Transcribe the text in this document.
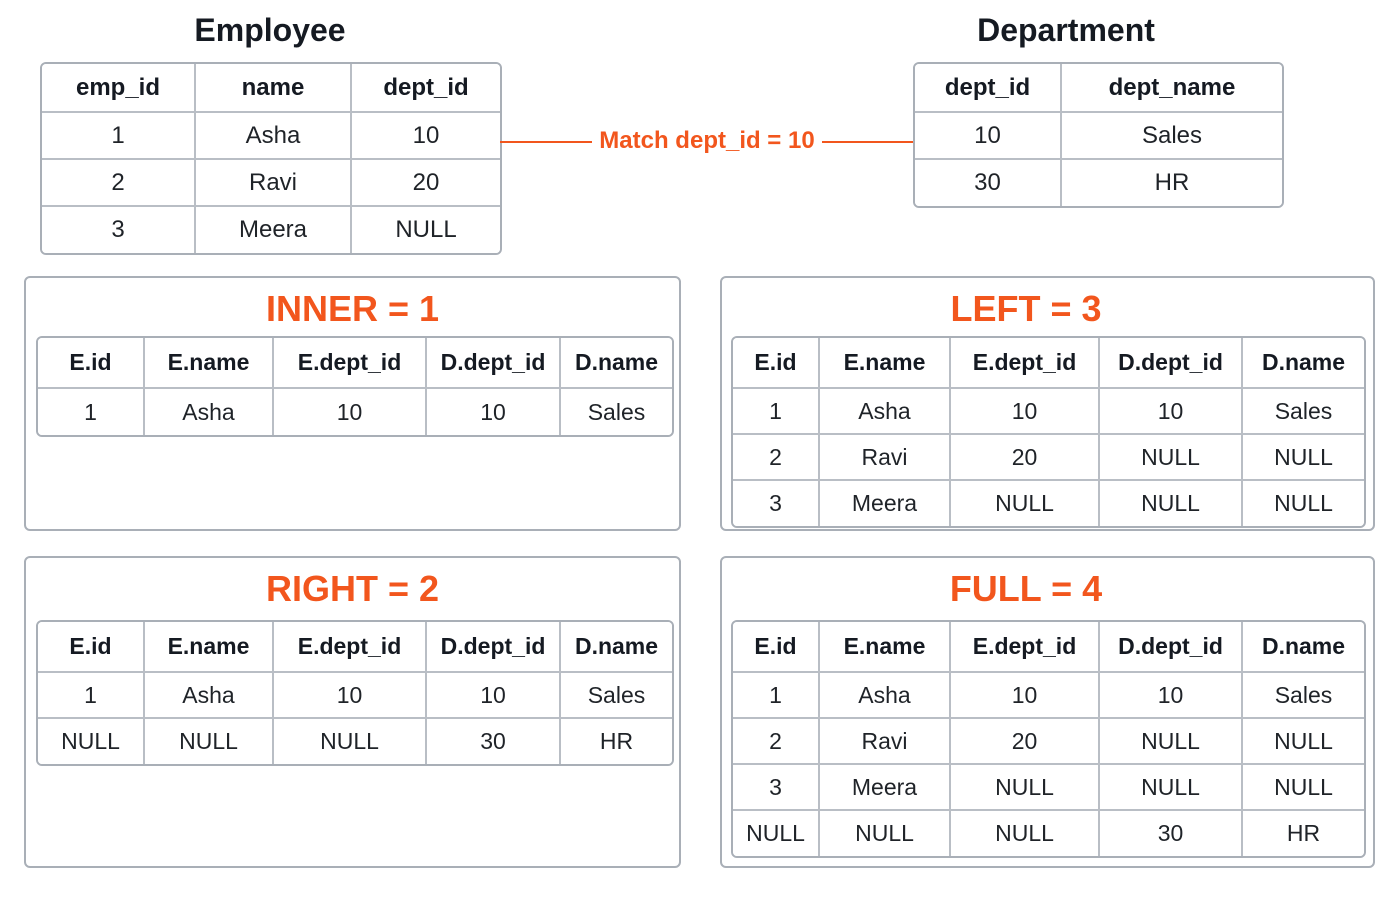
Employee
emp_id	name	dept_id
1	Asha	10
2	Ravi	20
3	Meera	NULL
Department
dept_id	dept_name
10	Sales
30	HR
Match dept_id = 10
INNER = 1
E.id	E.name	E.dept_id	D.dept_id	D.name
1	Asha	10	10	Sales
LEFT = 3
E.id	E.name	E.dept_id	D.dept_id	D.name
1	Asha	10	10	Sales
2	Ravi	20	NULL	NULL
3	Meera	NULL	NULL	NULL
RIGHT = 2
E.id	E.name	E.dept_id	D.dept_id	D.name
1	Asha	10	10	Sales
NULL	NULL	NULL	30	HR
FULL = 4
E.id	E.name	E.dept_id	D.dept_id	D.name
1	Asha	10	10	Sales
2	Ravi	20	NULL	NULL
3	Meera	NULL	NULL	NULL
NULL	NULL	NULL	30	HR
